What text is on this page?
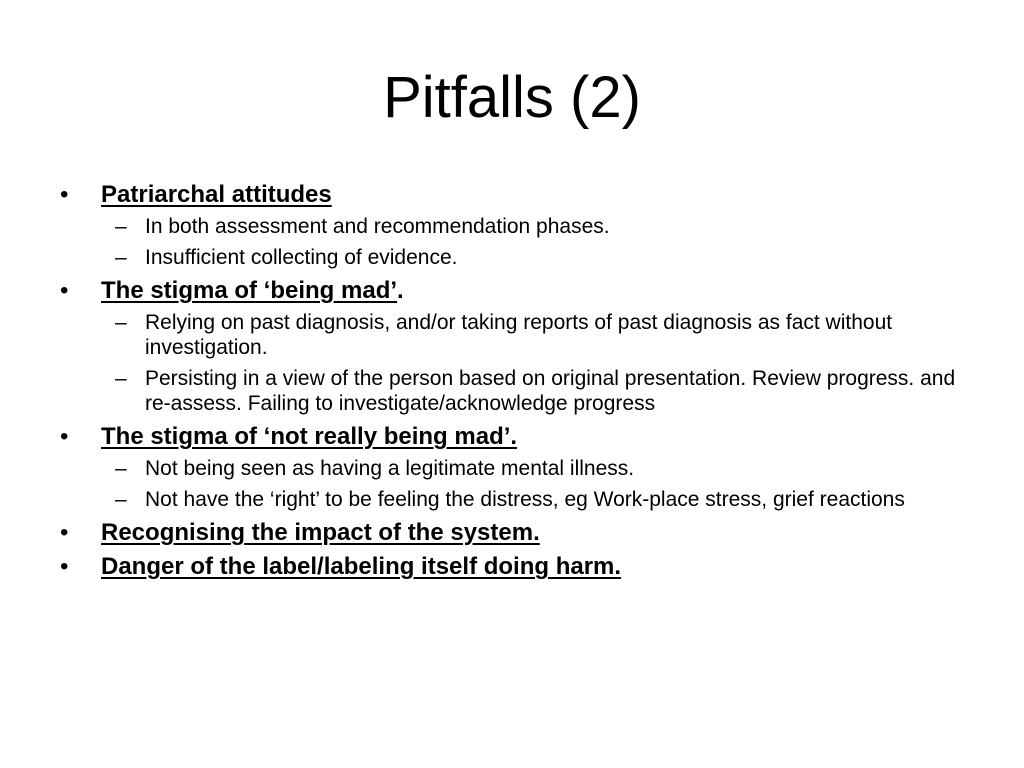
Pitfalls (2)
• Patriarchal attitudes
– In both assessment and recommendation phases.
– Insufficient collecting of evidence.
• The stigma of ‘being mad’.
– Relying on past diagnosis, and/or taking reports of past diagnosis as fact without investigation.
– Persisting in a view of the person based on original presentation. Review progress. and re-assess. Failing to investigate/acknowledge progress
• The stigma of ‘not really being mad’.
– Not being seen as having a legitimate mental illness.
– Not have the ‘right’ to be feeling the distress, eg Work-place stress, grief reactions
• Recognising the impact of the system.
• Danger of the label/labeling itself doing harm.
